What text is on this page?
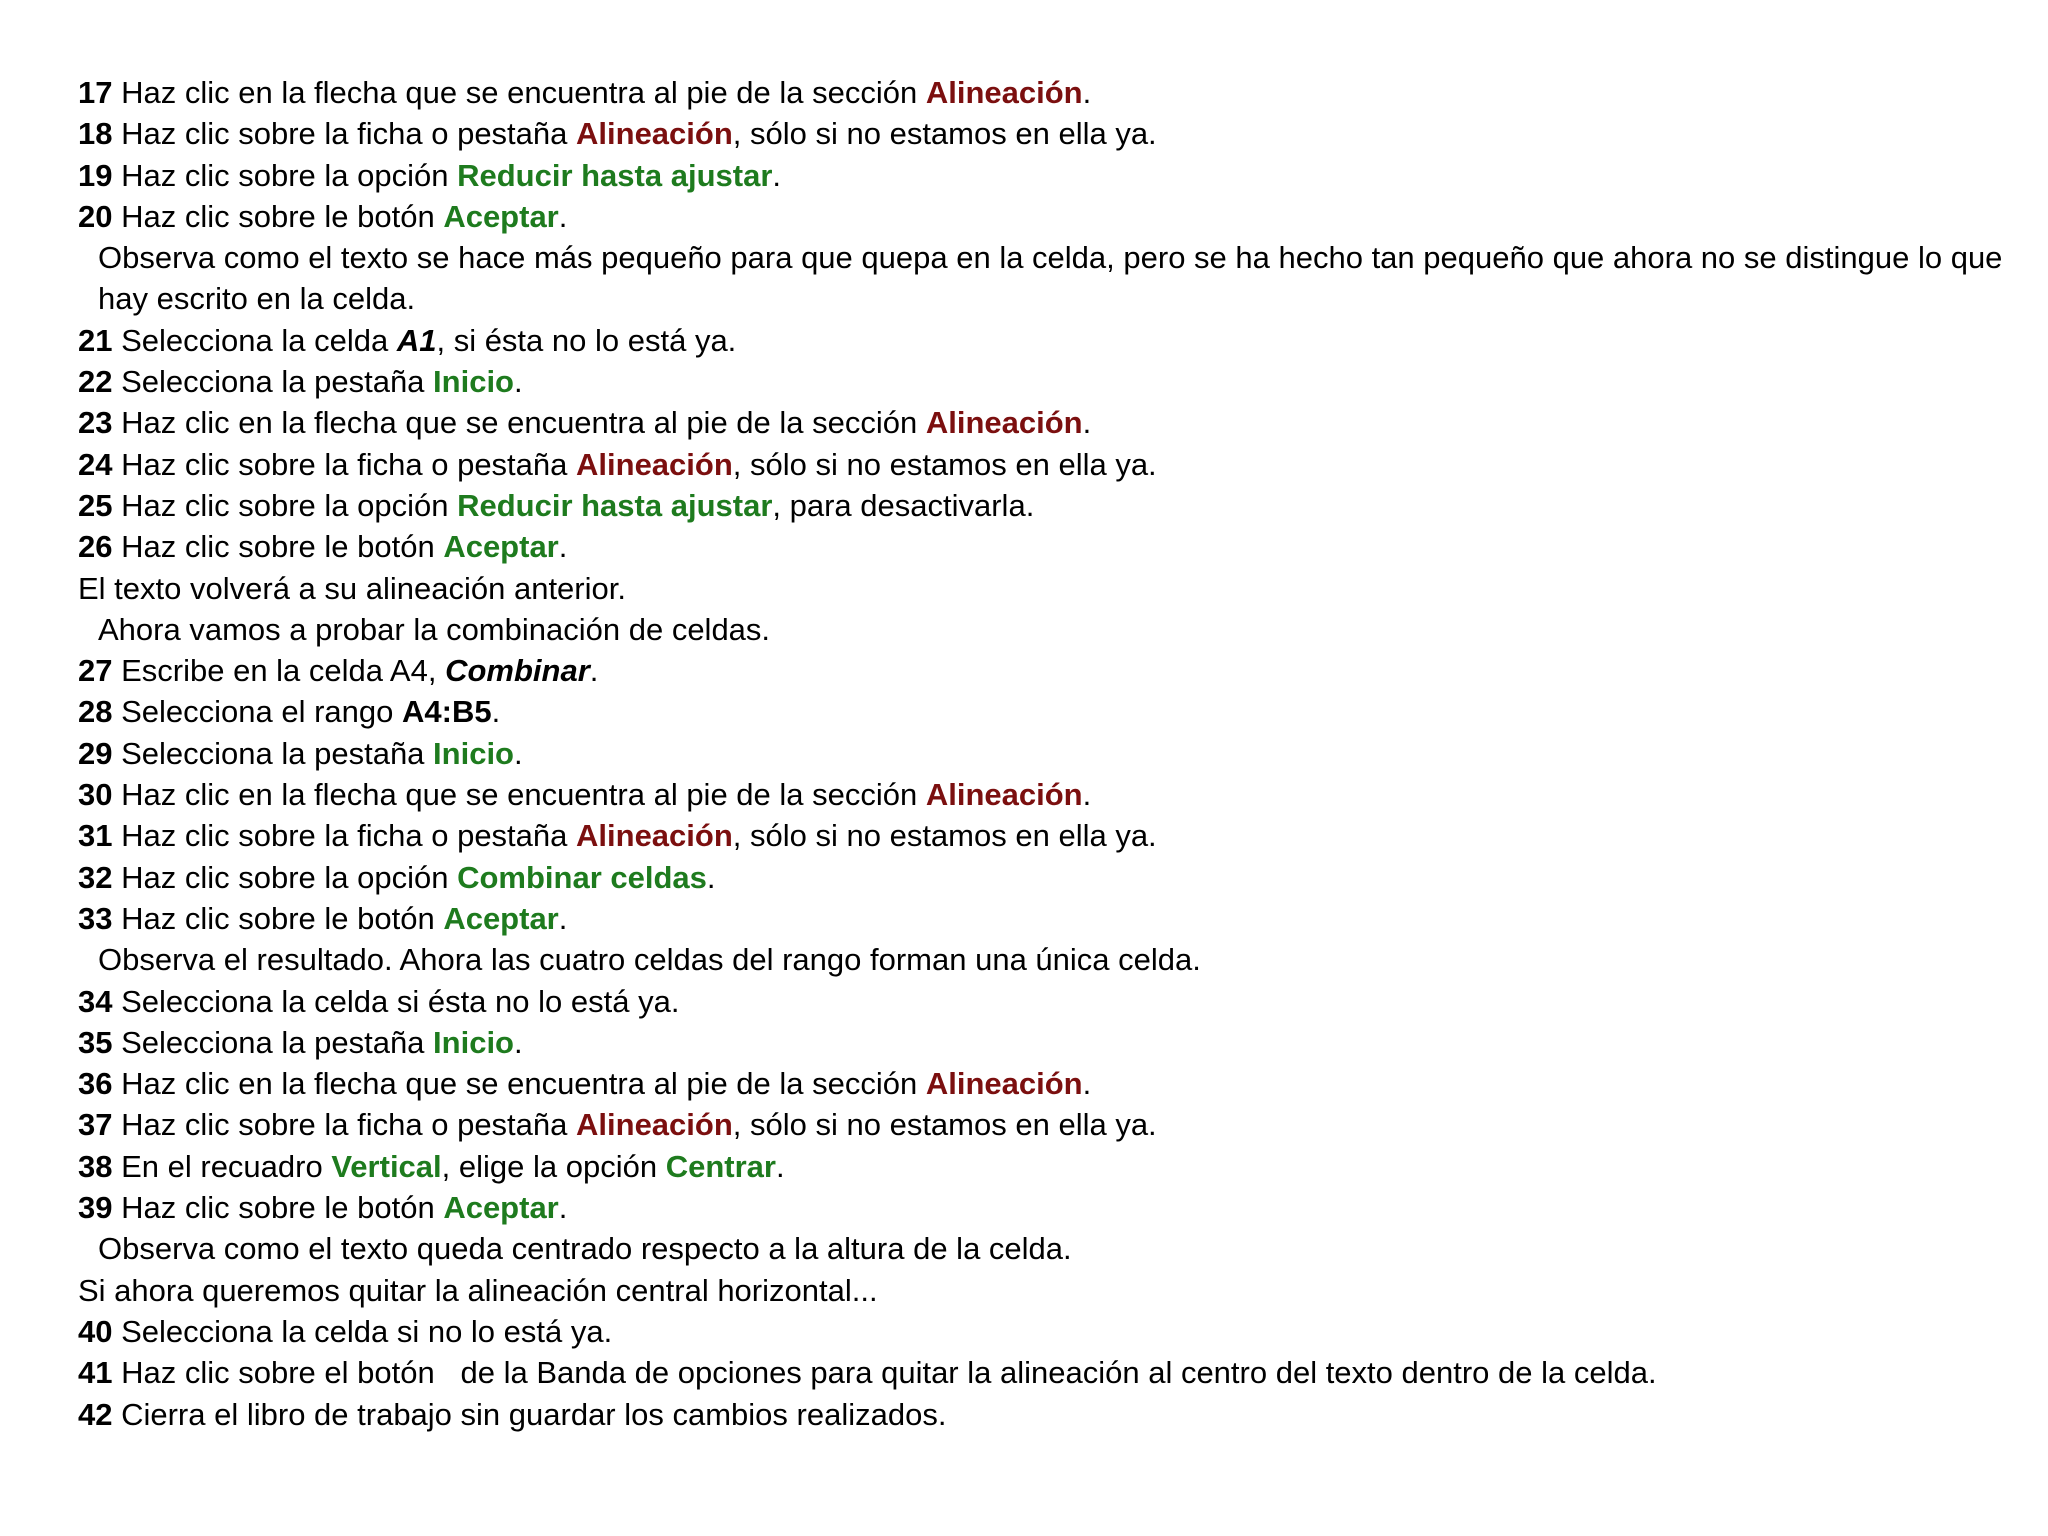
17 Haz clic en la flecha que se encuentra al pie de la sección Alineación.
18 Haz clic sobre la ficha o pestaña Alineación, sólo si no estamos en ella ya.
19 Haz clic sobre la opción Reducir hasta ajustar.
20 Haz clic sobre le botón Aceptar.
Observa como el texto se hace más pequeño para que quepa en la celda, pero se ha hecho tan pequeño que ahora no se distingue lo que hay escrito en la celda.
21 Selecciona la celda A1, si ésta no lo está ya.
22 Selecciona la pestaña Inicio.
23 Haz clic en la flecha que se encuentra al pie de la sección Alineación.
24 Haz clic sobre la ficha o pestaña Alineación, sólo si no estamos en ella ya.
25 Haz clic sobre la opción Reducir hasta ajustar, para desactivarla.
26 Haz clic sobre le botón Aceptar.
El texto volverá a su alineación anterior.
Ahora vamos a probar la combinación de celdas.
27 Escribe en la celda A4, Combinar.
28 Selecciona el rango A4:B5.
29 Selecciona la pestaña Inicio.
30 Haz clic en la flecha que se encuentra al pie de la sección Alineación.
31 Haz clic sobre la ficha o pestaña Alineación, sólo si no estamos en ella ya.
32 Haz clic sobre la opción Combinar celdas.
33 Haz clic sobre le botón Aceptar.
Observa el resultado. Ahora las cuatro celdas del rango forman una única celda.
34 Selecciona la celda si ésta no lo está ya.
35 Selecciona la pestaña Inicio.
36 Haz clic en la flecha que se encuentra al pie de la sección Alineación.
37 Haz clic sobre la ficha o pestaña Alineación, sólo si no estamos en ella ya.
38 En el recuadro Vertical, elige la opción Centrar.
39 Haz clic sobre le botón Aceptar.
Observa como el texto queda centrado respecto a la altura de la celda.
Si ahora queremos quitar la alineación central horizontal...
40 Selecciona la celda si no lo está ya.
41 Haz clic sobre el botón   de la Banda de opciones para quitar la alineación al centro del texto dentro de la celda.
42 Cierra el libro de trabajo sin guardar los cambios realizados.
